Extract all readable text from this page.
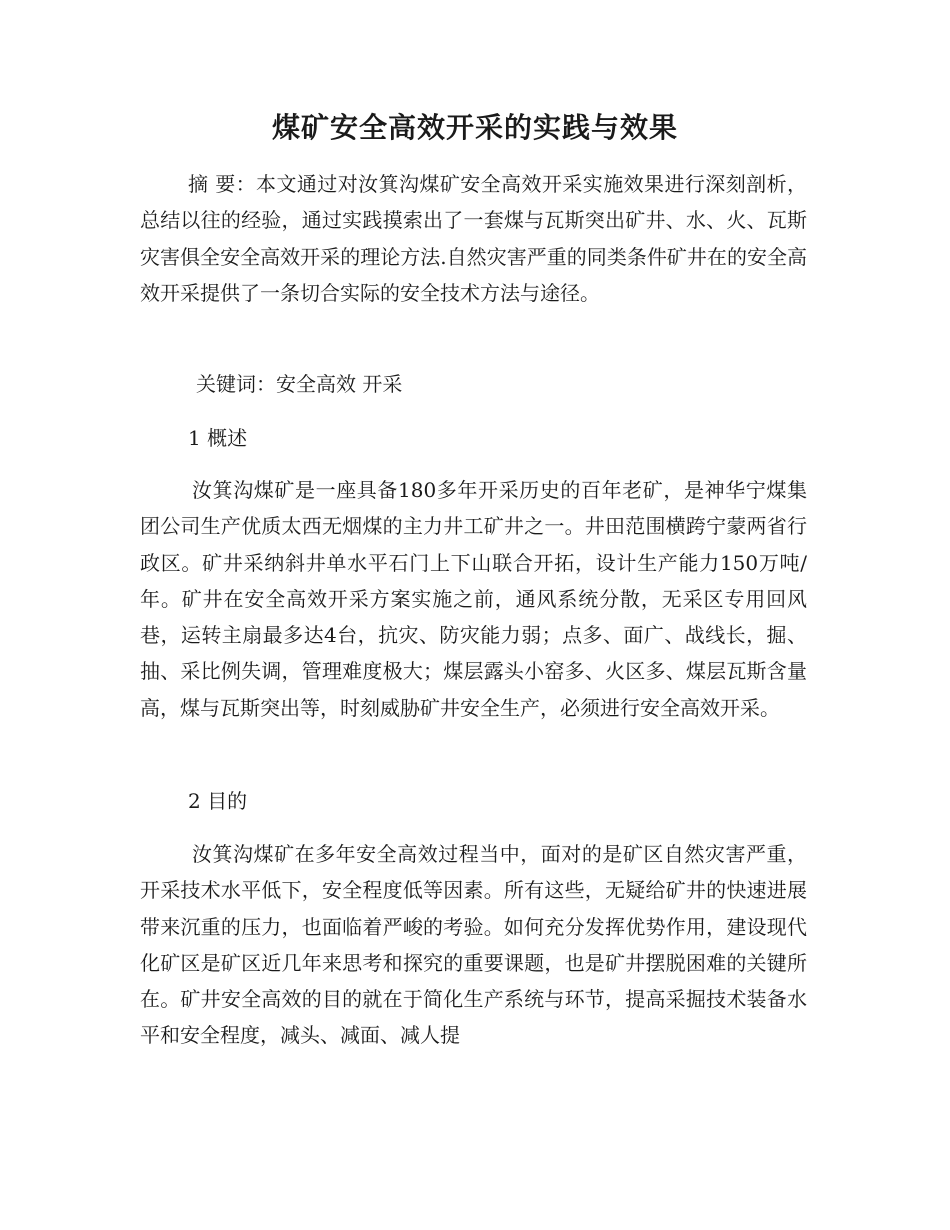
煤矿安全高效开采的实践与效果

摘 要：本文通过对汝箕沟煤矿安全高效开采实施效果进行深刻剖析，总结以往的经验，通过实践摸索出了一套煤与瓦斯突出矿井、水、火、瓦斯灾害俱全安全高效开采的理论方法.自然灾害严重的同类条件矿井在的安全高效开采提供了一条切合实际的安全技术方法与途径。

关键词：安全高效 开采

1 概述

汝箕沟煤矿是一座具备180多年开采历史的百年老矿，是神华宁煤集团公司生产优质太西无烟煤的主力井工矿井之一。井田范围横跨宁蒙两省行政区。矿井采纳斜井单水平石门上下山联合开拓，设计生产能力150万吨/年。矿井在安全高效开采方案实施之前，通风系统分散，无采区专用回风巷，运转主扇最多达4台，抗灾、防灾能力弱；点多、面广、战线长，掘、抽、采比例失调，管理难度极大；煤层露头小窑多、火区多、煤层瓦斯含量高，煤与瓦斯突出等，时刻威胁矿井安全生产，必须进行安全高效开采。

2 目的

汝箕沟煤矿在多年安全高效过程当中，面对的是矿区自然灾害严重，开采技术水平低下，安全程度低等因素。所有这些，无疑给矿井的快速进展带来沉重的压力，也面临着严峻的考验。如何充分发挥优势作用，建设现代化矿区是矿区近几年来思考和探究的重要课题，也是矿井摆脱困难的关键所在。矿井安全高效的目的就在于简化生产系统与环节，提高采掘技术装备水平和安全程度，减头、减面、减人提
